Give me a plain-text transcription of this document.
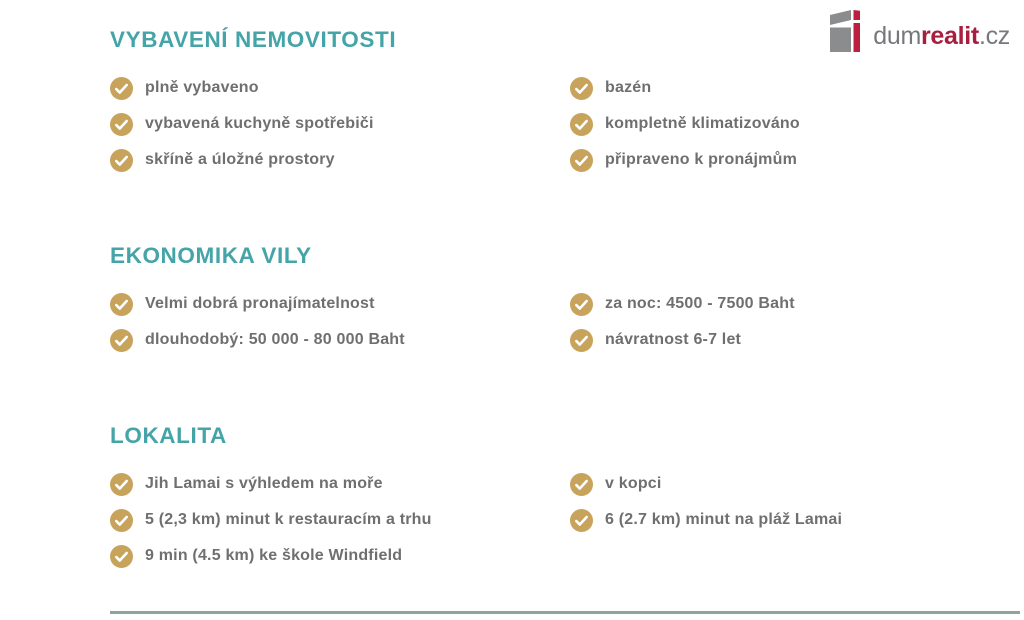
VYBAVENÍ NEMOVITOSTI
plně vybaveno
vybavená kuchyně spotřebiči
skříně a úložné prostory
bazén
kompletně klimatizováno
připraveno k pronájmům
EKONOMIKA VILY
Velmi dobrá pronajímatelnost
dlouhodobý: 50 000 - 80 000 Baht
za noc: 4500 - 7500 Baht
návratnost 6-7 let
LOKALITA
Jih Lamai s výhledem na moře
5 (2,3 km) minut k restauracím a trhu
9 min (4.5 km) ke škole Windfield
v kopci
6 (2.7 km) minut na pláž Lamai
dumrealit.cz
